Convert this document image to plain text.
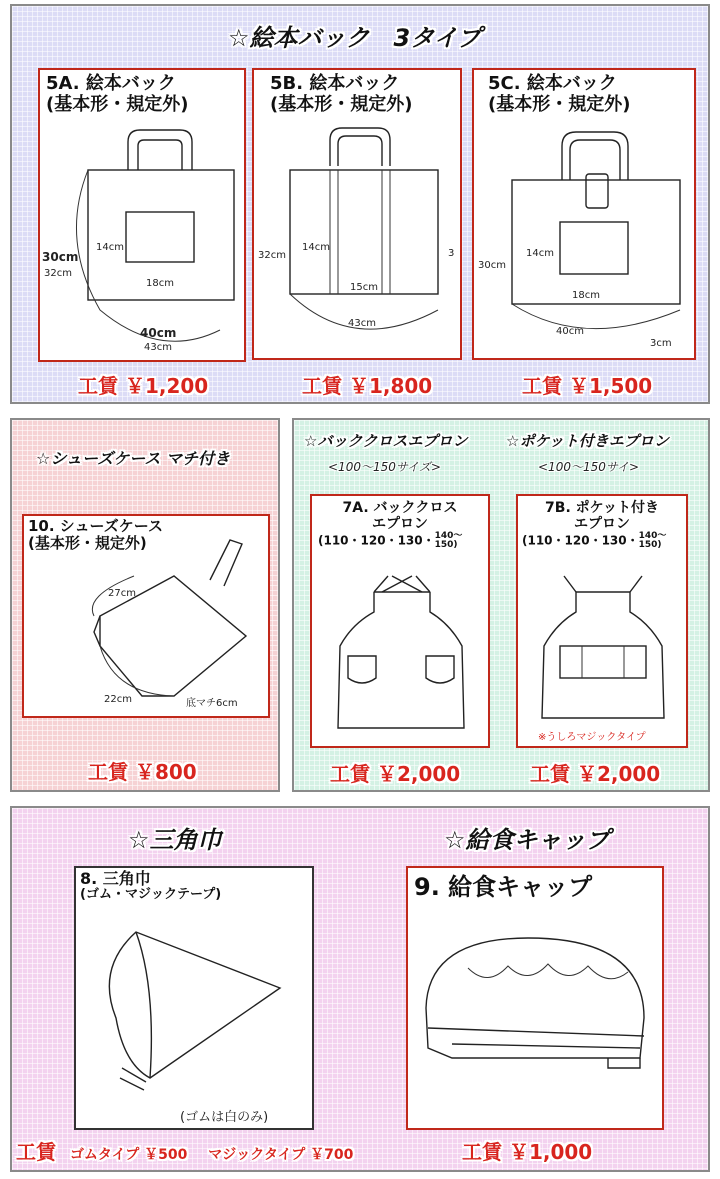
☆絵本バック　3タイプ
5A. 絵本バック
(基本形・規定外)
30cm
32cm
14cm
18cm
40cm
43cm
工賃 ￥1,200
5B. 絵本バック
(基本形・規定外)
32cm
14cm
15cm
43cm
3
工賃 ￥1,800
5C. 絵本バック
(基本形・規定外)
30cm
14cm
18cm
40cm
3cm
工賃 ￥1,500
☆シューズケース マチ付き
10. シューズケース
(基本形・規定外)
27cm
22cm	底マチ6cm
工賃 ￥800
☆バッククロスエプロン
<100〜150サイズ>
☆ポケット付きエプロン
<100〜150サイ>
7A. バッククロス
エプロン
(110・120・130・ 140〜
150)
工賃 ￥2,000
7B. ポケット付き
エプロン
(110・120・130・ 140〜
150)
※うしろマジックタイプ
工賃 ￥2,000
☆三角巾	☆給食キャップ
8. 三角巾
(ゴム・マジックテープ)
(ゴムは白のみ)
工賃 ゴムタイプ ￥500 マジックタイプ ￥700
9. 給食キャップ
工賃 ￥1,000
